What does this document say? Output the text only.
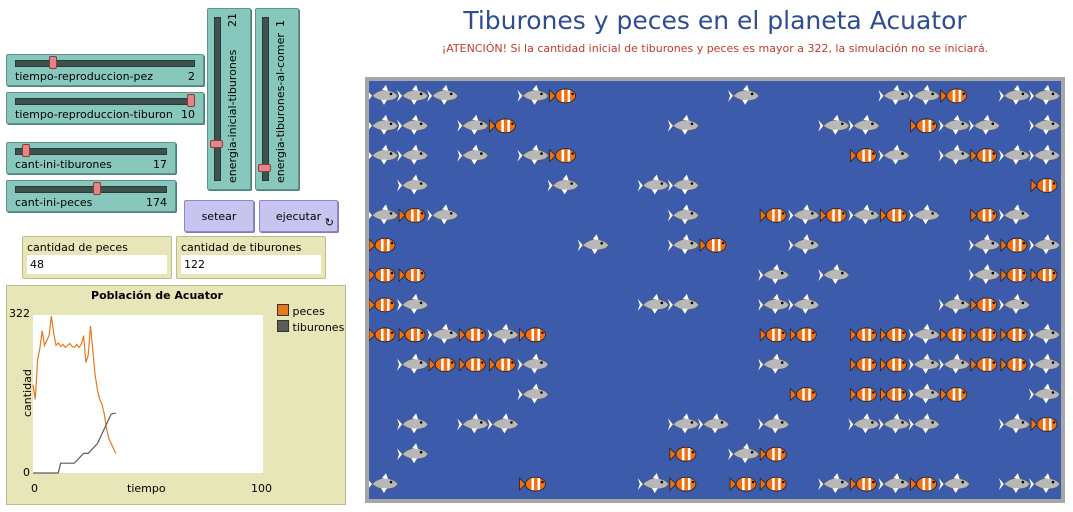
Tiburones y peces en el planeta Acuator
¡ATENCIÓN! Si la cantidad inicial de tiburones y peces es mayor a 322, la simulación no se iniciará.
tiempo-reproduccion-pez	2
tiempo-reproduccion-tiburon 10
cant-ini-tiburones	17
cant-ini-peces	174
energia-inicial-tiburones
21
energia-tiburones-al-comer
1
setear	ejecutar ↻
cantidad de peces
48
cantidad de tiburones
122
Población de Acuator
322
0
0	100
tiempo
cantidad
peces
tiburones
